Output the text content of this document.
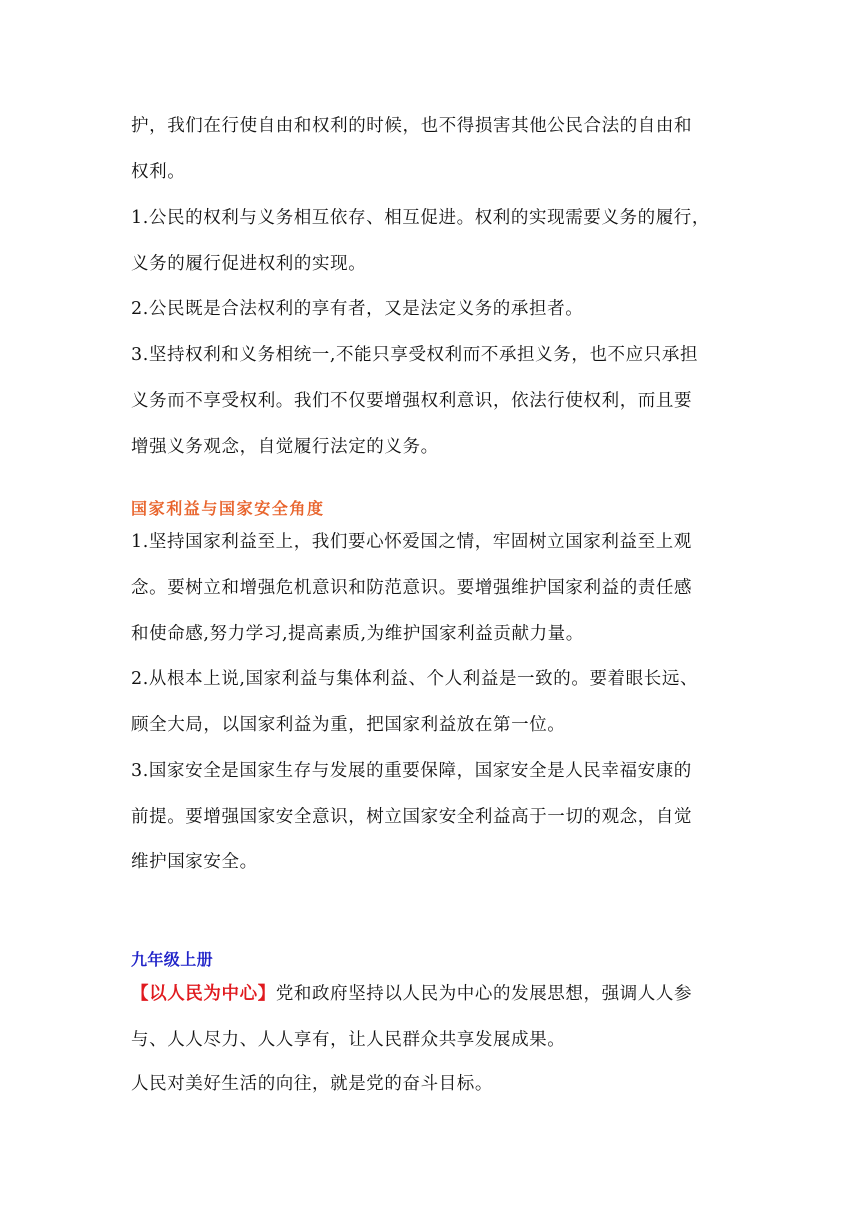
护，我们在行使自由和权利的时候，也不得损害其他公民合法的自由和
权利。
1.公民的权利与义务相互依存、相互促进。权利的实现需要义务的履行，
义务的履行促进权利的实现。
2.公民既是合法权利的享有者，又是法定义务的承担者。
3.坚持权利和义务相统一,不能只享受权利而不承担义务，也不应只承担
义务而不享受权利。我们不仅要增强权利意识，依法行使权利，而且要
增强义务观念，自觉履行法定的义务。
国家利益与国家安全角度
1.坚持国家利益至上，我们要心怀爱国之情，牢固树立国家利益至上观
念。要树立和增强危机意识和防范意识。要增强维护国家利益的责任感
和使命感,努力学习,提高素质,为维护国家利益贡献力量。
2.从根本上说,国家利益与集体利益、个人利益是一致的。要着眼长远、
顾全大局，以国家利益为重，把国家利益放在第一位。
3.国家安全是国家生存与发展的重要保障，国家安全是人民幸福安康的
前提。要增强国家安全意识，树立国家安全利益高于一切的观念，自觉
维护国家安全。
九年级上册
【以人民为中心】党和政府坚持以人民为中心的发展思想，强调人人参
与、人人尽力、人人享有，让人民群众共享发展成果。
人民对美好生活的向往，就是党的奋斗目标。
